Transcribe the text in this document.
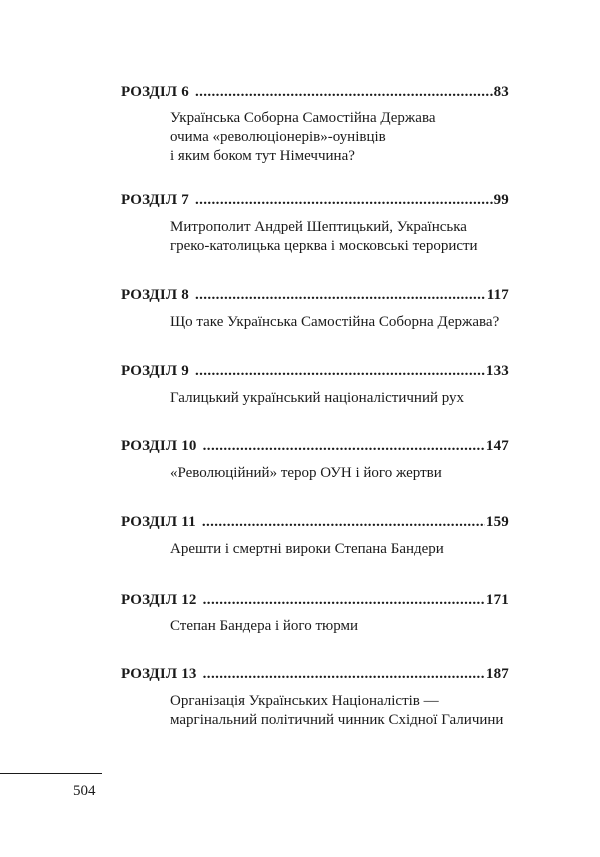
РОЗДІЛ 6 .....	83
Українська Соборна Самостійна Держава
очима «революціонерів»-оунівців
і яким боком тут Німеччина?
РОЗДІЛ 7 .....	99
Митрополит Андрей Шептицький, Українська
греко-католицька церква і московські терористи
РОЗДІЛ 8 .....	117
Що таке Українська Самостійна Соборна Держава?
РОЗДІЛ 9 .....	133
Галицький український націоналістичний рух
РОЗДІЛ 10 .....	147
«Революційний» терор ОУН і його жертви
РОЗДІЛ 11 .....	159
Арешти і смертні вироки Степана Бандери
РОЗДІЛ 12 .....	171
Степан Бандера і його тюрми
РОЗДІЛ 13 .....	187
Організація Українських Націоналістів —
маргінальний політичний чинник Східної Галичини
504
